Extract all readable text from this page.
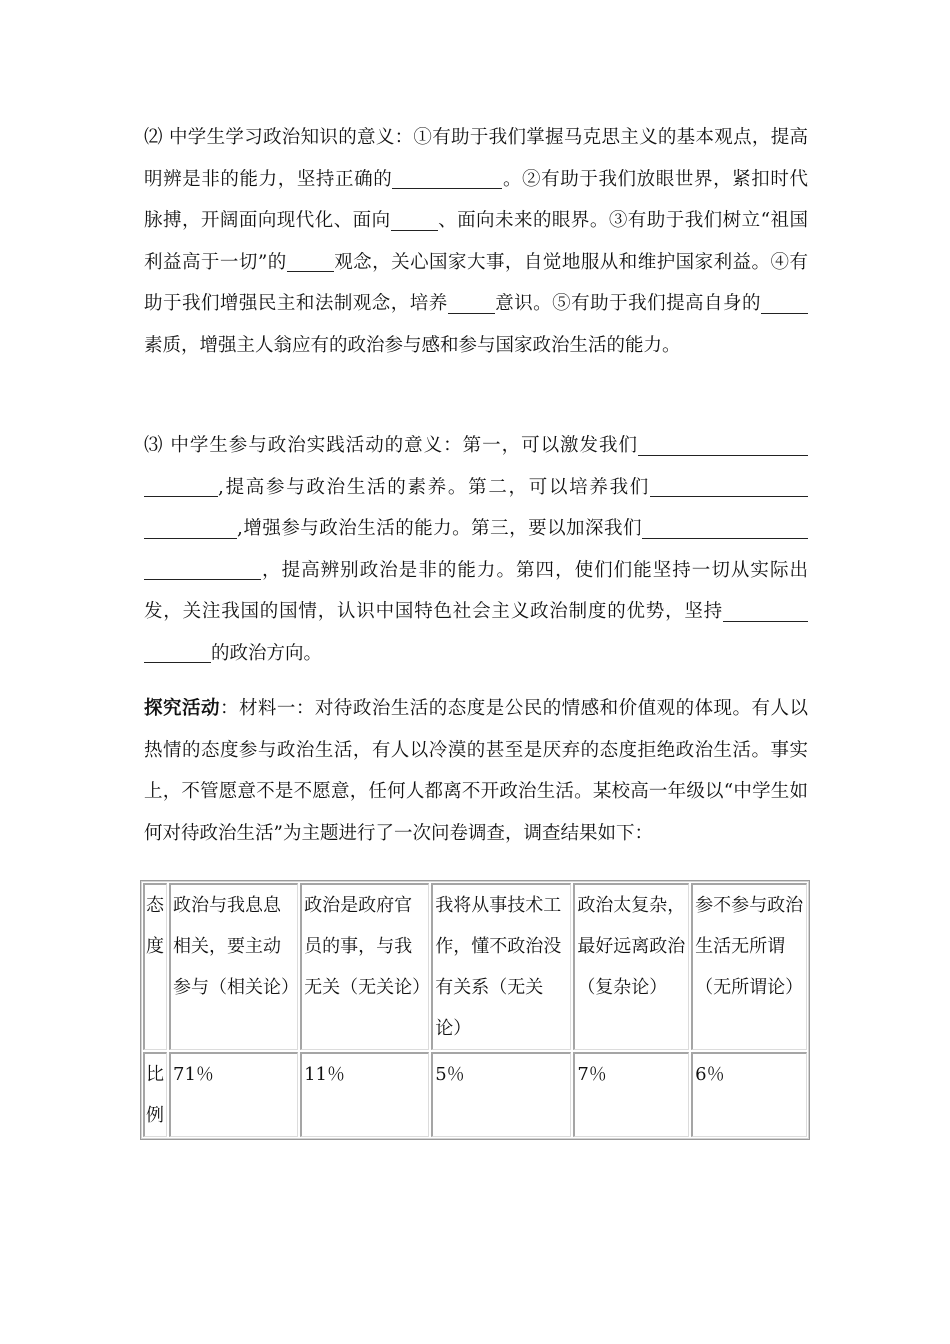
⑵ 中学生学习政治知识的意义：①有助于我们掌握马克思主义的基本观点，提高明辨是非的能力，坚持正确的	。②有助于我们放眼世界，紧扣时代脉搏，开阔面向现代化、面向	、面向未来的眼界。③有助于我们树立“祖国利益高于一切”的	观念，关心国家大事，自觉地服从和维护国家利益。④有助于我们增强民主和法制观念，培养	意识。⑤有助于我们提高自身的素质，增强主人翁应有的政治参与感和参与国家政治生活的能力。
⑶ 中学生参与政治实践活动的意义：第一，可以激发我们,提高参与政治生活的素养。第二，可以培养我们,增强参与政治生活的能力。第三，要以加深我们，提高辨别政治是非的能力。第四，使们们能坚持一切从实际出发，关注我国的国情，认识中国特色社会主义政治制度的优势，坚持的政治方向。
探究活动：材料一：对待政治生活的态度是公民的情感和价值观的体现。有人以热情的态度参与政治生活，有人以冷漠的甚至是厌弃的态度拒绝政治生活。事实上，不管愿意不是不愿意，任何人都离不开政治生活。某校高一年级以“中学生如何对待政治生活”为主题进行了一次问卷调查，调查结果如下：
态度	政治与我息息相关，要主动参与（相关论）	政治是政府官员的事，与我无关（无关论）	我将从事技术工作，懂不政治没有关系（无关论）	政治太复杂，最好远离政治（复杂论）	参不参与政治生活无所谓（无所谓论）
比例	71％	11％	5％	7％	6％
